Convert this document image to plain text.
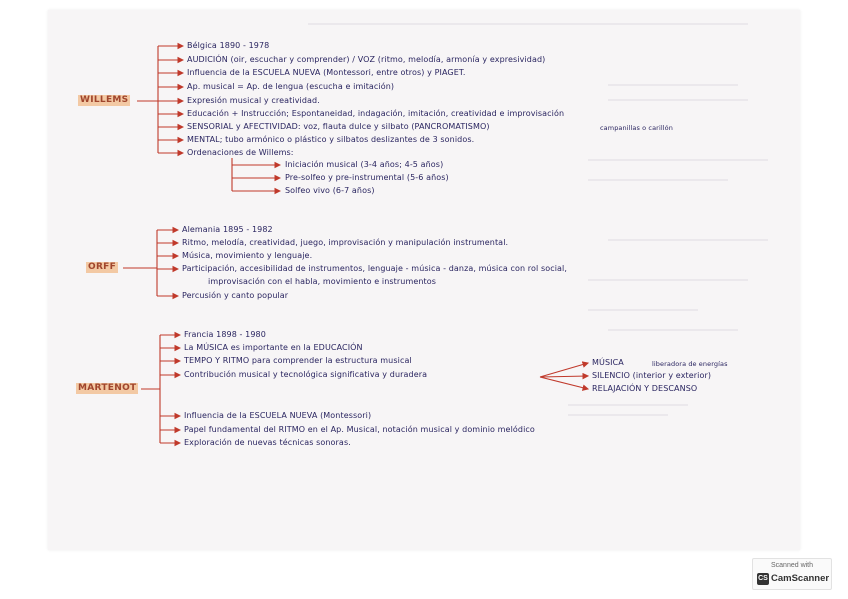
WILLEMS
Bélgica 1890 - 1978
AUDICIÓN (oir, escuchar y comprender) / VOZ (ritmo, melodía, armonía y expresividad)
Influencia de la ESCUELA NUEVA (Montessori, entre otros) y PIAGET.
Ap. musical = Ap. de lengua (escucha e imitación)
Expresión musical y creatividad.
Educación + Instrucción; Espontaneidad, indagación, imitación, creatividad e improvisación
SENSORIAL y AFECTIVIDAD: voz, flauta dulce y silbato (PANCROMATISMO)	campanillas o carillón
MENTAL; tubo armónico o plástico y silbatos deslizantes de 3 sonidos.
Ordenaciones de Willems:
Iniciación musical (3-4 años; 4-5 años)
Pre-solfeo y pre-instrumental (5-6 años)
Solfeo vivo (6-7 años)
ORFF
Alemania 1895 - 1982
Ritmo, melodía, creatividad, juego, improvisación y manipulación instrumental.
Música, movimiento y lenguaje.
Participación, accesibilidad de instrumentos, lenguaje - música - danza, música con rol social,
improvisación con el habla, movimiento e instrumentos
Percusión y canto popular
MARTENOT
Francia 1898 - 1980
La MÚSICA es importante en la EDUCACIÓN
TEMPO Y RITMO para comprender la estructura musical
Contribución musical y tecnológica significativa y duradera
MÚSICA	liberadora de energías
SILENCIO (interior y exterior)
RELAJACIÓN Y DESCANSO
Influencia de la ESCUELA NUEVA (Montessori)
Papel fundamental del RITMO en el Ap. Musical, notación musical y dominio melódico
Exploración de nuevas técnicas sonoras.
Scanned with
CS CamScanner
